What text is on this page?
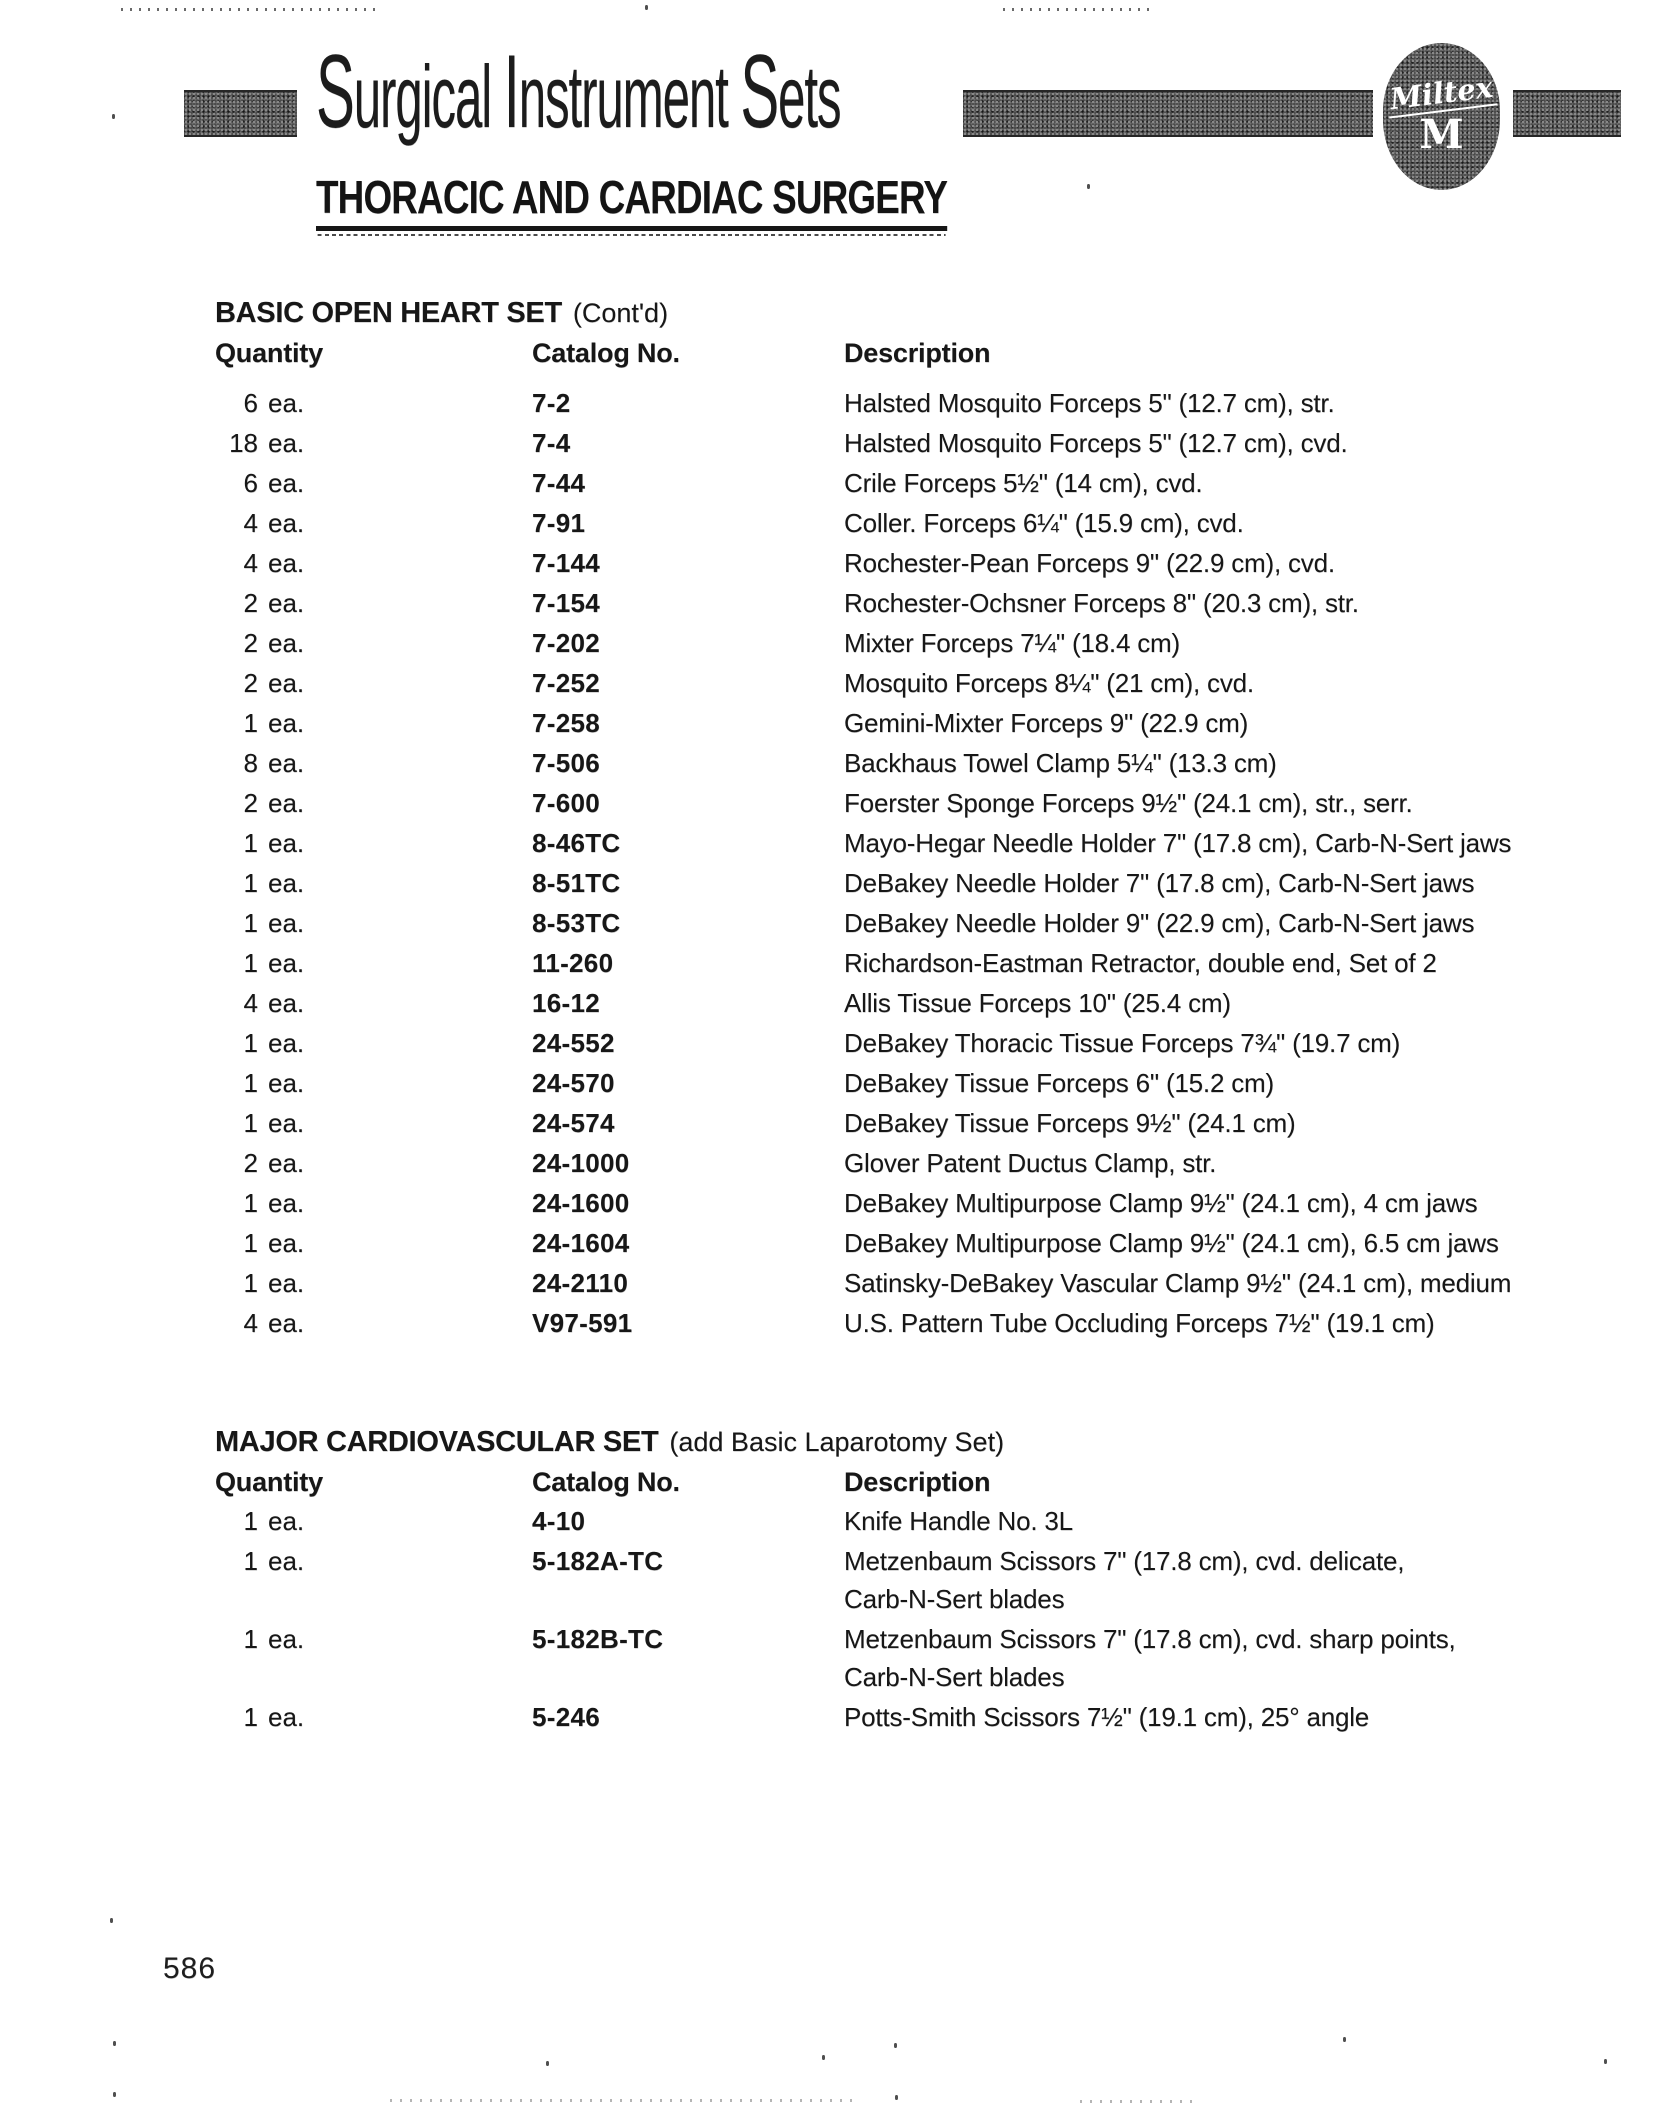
Surgical Instrument Sets	Miltex
M
THORACIC AND CARDIAC SURGERY
BASIC OPEN HEART SET (Cont'd)
Quantity	Catalog No.	Description
6 ea.	7-2	Halsted Mosquito Forceps 5" (12.7 cm), str.
18 ea.	7-4	Halsted Mosquito Forceps 5" (12.7 cm), cvd.
6 ea.	7-44	Crile Forceps 5½" (14 cm), cvd.
4 ea.	7-91	Coller. Forceps 6¼" (15.9 cm), cvd.
4 ea.	7-144	Rochester-Pean Forceps 9" (22.9 cm), cvd.
2 ea.	7-154	Rochester-Ochsner Forceps 8" (20.3 cm), str.
2 ea.	7-202	Mixter Forceps 7¼" (18.4 cm)
2 ea.	7-252	Mosquito Forceps 8¼" (21 cm), cvd.
1 ea.	7-258	Gemini-Mixter Forceps 9" (22.9 cm)
8 ea.	7-506	Backhaus Towel Clamp 5¼" (13.3 cm)
2 ea.	7-600	Foerster Sponge Forceps 9½" (24.1 cm), str., serr.
1 ea.	8-46TC	Mayo-Hegar Needle Holder 7" (17.8 cm), Carb-N-Sert jaws
1 ea.	8-51TC	DeBakey Needle Holder 7" (17.8 cm), Carb-N-Sert jaws
1 ea.	8-53TC	DeBakey Needle Holder 9" (22.9 cm), Carb-N-Sert jaws
1 ea.	11-260	Richardson-Eastman Retractor, double end, Set of 2
4 ea.	16-12	Allis Tissue Forceps 10" (25.4 cm)
1 ea.	24-552	DeBakey Thoracic Tissue Forceps 7¾" (19.7 cm)
1 ea.	24-570	DeBakey Tissue Forceps 6" (15.2 cm)
1 ea.	24-574	DeBakey Tissue Forceps 9½" (24.1 cm)
2 ea.	24-1000	Glover Patent Ductus Clamp, str.
1 ea.	24-1600	DeBakey Multipurpose Clamp 9½" (24.1 cm), 4 cm jaws
1 ea.	24-1604	DeBakey Multipurpose Clamp 9½" (24.1 cm), 6.5 cm jaws
1 ea.	24-2110	Satinsky-DeBakey Vascular Clamp 9½" (24.1 cm), medium
4 ea.	V97-591	U.S. Pattern Tube Occluding Forceps 7½" (19.1 cm)
MAJOR CARDIOVASCULAR SET (add Basic Laparotomy Set)
Quantity	Catalog No.	Description
1 ea.	4-10	Knife Handle No. 3L
1 ea.	5-182A-TC	Metzenbaum Scissors 7" (17.8 cm), cvd. delicate,
Carb-N-Sert blades
1 ea.	5-182B-TC	Metzenbaum Scissors 7" (17.8 cm), cvd. sharp points,
Carb-N-Sert blades
1 ea.	5-246	Potts-Smith Scissors 7½" (19.1 cm), 25° angle
586
